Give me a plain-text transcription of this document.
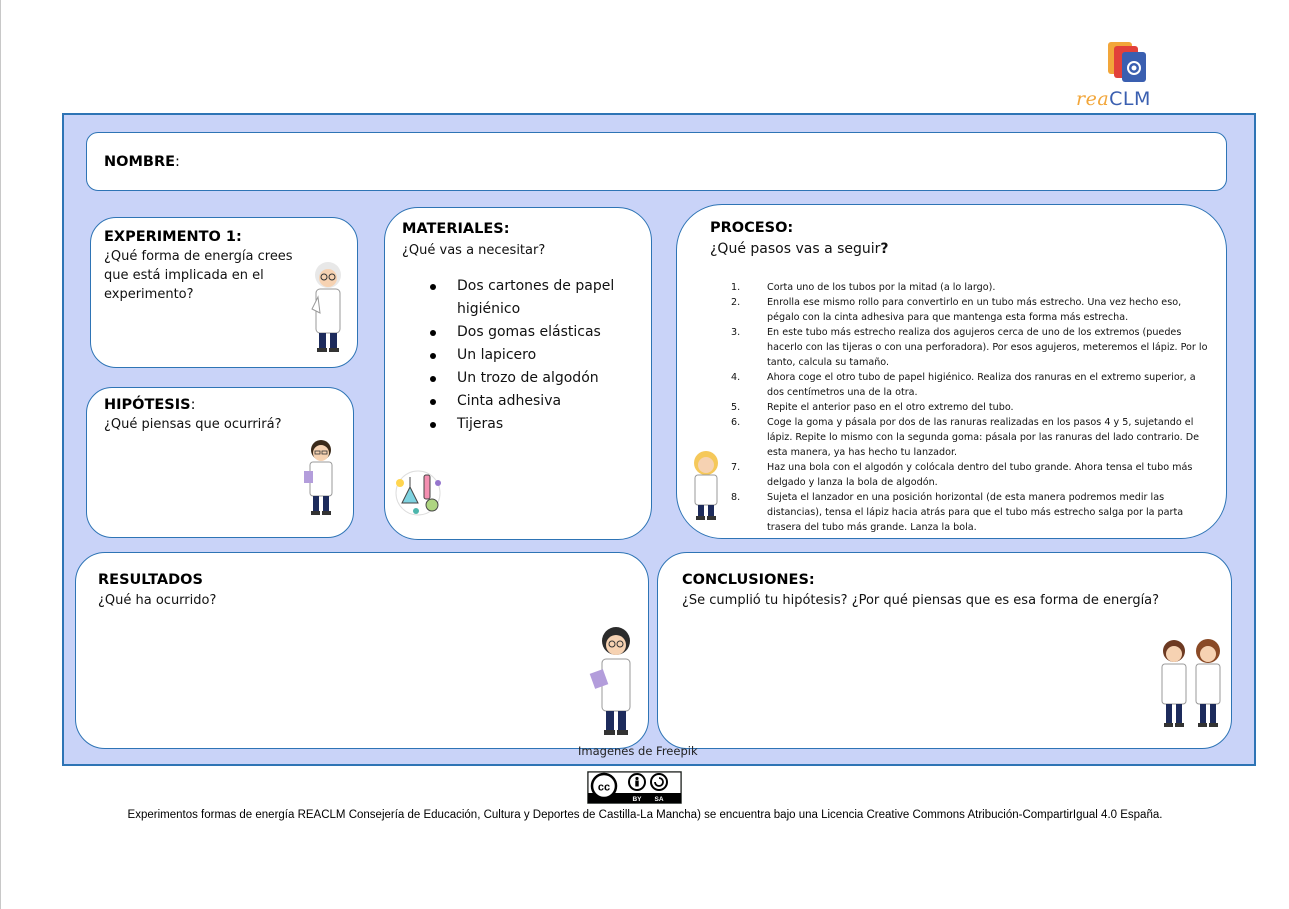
reaCLM
NOMBRE:
EXPERIMENTO 1:
¿Qué forma de energía crees que está implicada en el experimento?
HIPÓTESIS:
¿Qué piensas que ocurrirá?
MATERIALES:
¿Qué vas a necesitar?
Dos cartones de papel higiénico
Dos gomas elásticas
Un lapicero
Un trozo de algodón
Cinta adhesiva
Tijeras
PROCESO:
¿Qué pasos vas a seguir?
1.	Corta uno de los tubos por la mitad (a lo largo).
2.	Enrolla ese mismo rollo para convertirlo en un tubo más estrecho. Una vez hecho eso, pégalo con la cinta adhesiva para que mantenga esta forma más estrecha.
3.	En este tubo más estrecho realiza dos agujeros cerca de uno de los extremos (puedes hacerlo con las tijeras o con una perforadora). Por esos agujeros, meteremos el lápiz. Por lo tanto, calcula su tamaño.
4.	Ahora coge el otro tubo de papel higiénico. Realiza dos ranuras en el extremo superior, a dos centímetros una de la otra.
5.	Repite el anterior paso en el otro extremo del tubo.
6.	Coge la goma y pásala por dos de las ranuras realizadas en los pasos 4 y 5, sujetando el lápiz. Repite lo mismo con la segunda goma: pásala por las ranuras del lado contrario. De esta manera, ya has hecho tu lanzador.
7.	Haz una bola con el algodón y colócala dentro del tubo grande. Ahora tensa el tubo más delgado y lanza la bola de algodón.
8.	Sujeta el lanzador en una posición horizontal (de esta manera podremos medir las distancias), tensa el lápiz hacia atrás para que el tubo más estrecho salga por la parta trasera del tubo más grande. Lanza la bola.
RESULTADOS
¿Qué ha ocurrido?
CONCLUSIONES:
¿Se cumplió tu hipótesis? ¿Por qué piensas que es esa forma de energía?
Imagenes de Freepik
cc
BY SA
Experimentos formas de energía REACLM Consejería de Educación, Cultura y Deportes de Castilla-La Mancha) se encuentra bajo una Licencia Creative Commons Atribución-CompartirIgual 4.0 España.
